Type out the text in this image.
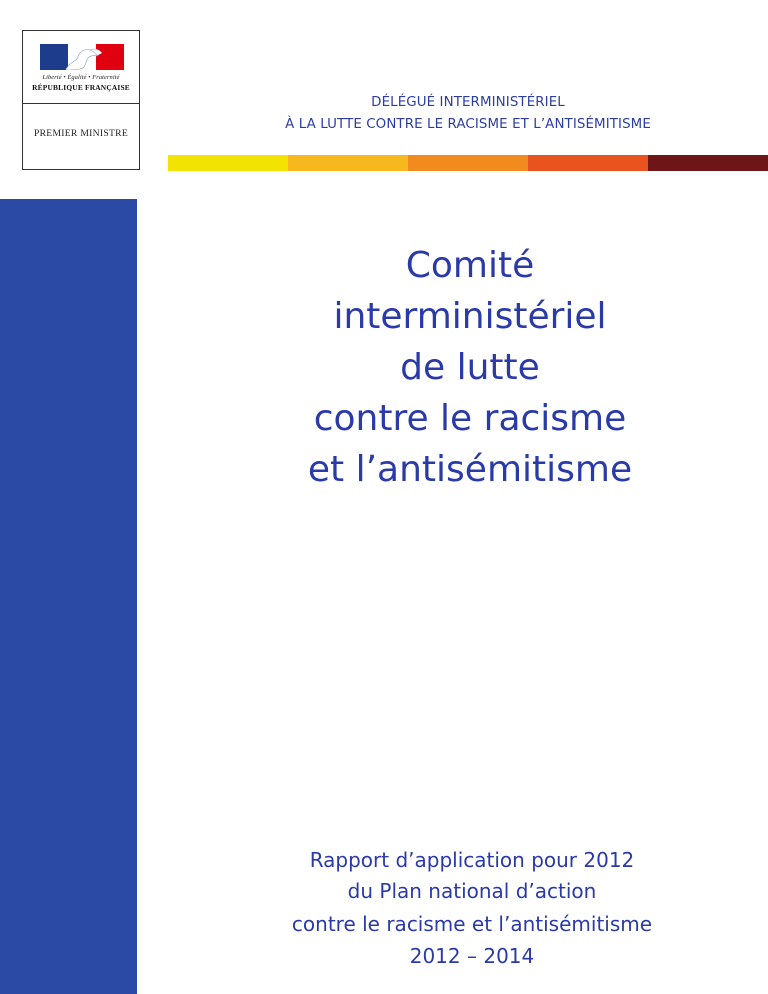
Liberté • Égalité • Fraternité
RÉPUBLIQUE FRANÇAISE
PREMIER MINISTRE
DÉLÉGUÉ INTERMINISTÉRIEL
À LA LUTTE CONTRE LE RACISME ET L’ANTISÉMITISME
Comité
interministériel
de lutte
contre le racisme
et l’antisémitisme
Rapport d’application pour 2012
du Plan national d’action
contre le racisme et l’antisémitisme
2012 – 2014
